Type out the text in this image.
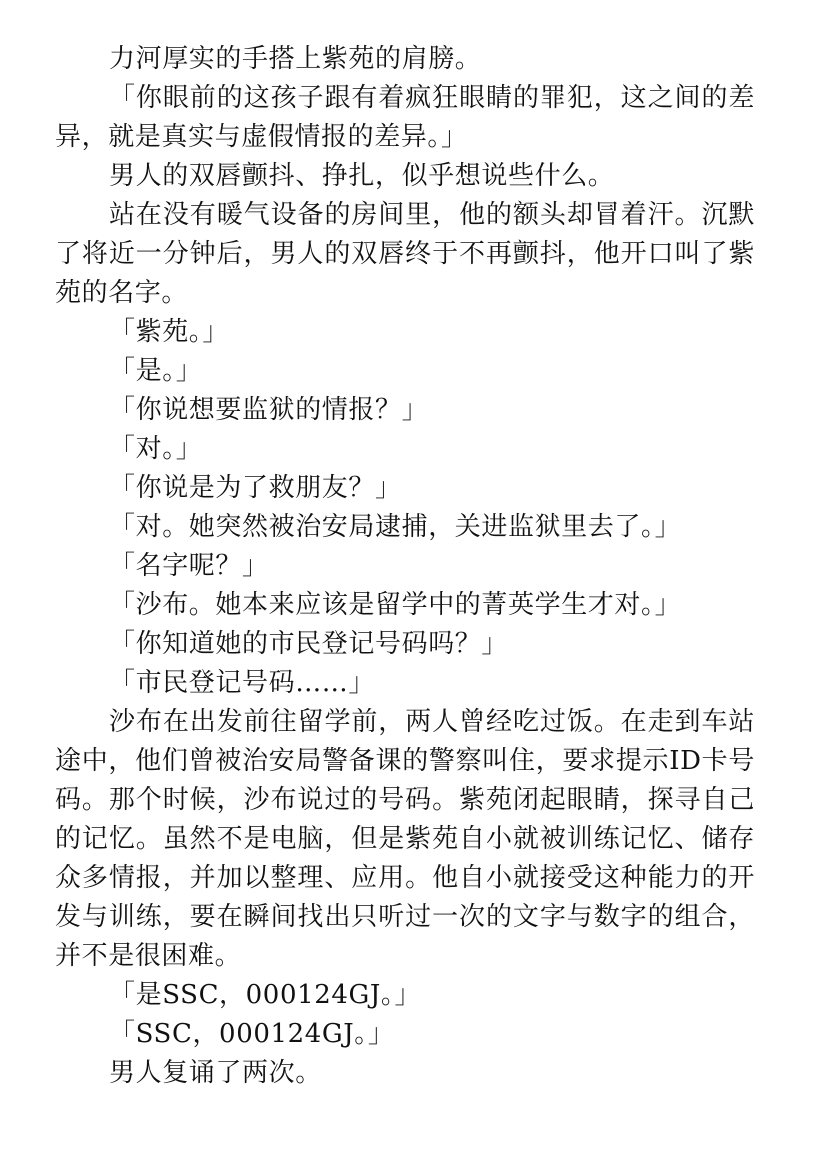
力河厚实的手搭上紫苑的肩膀。

「你眼前的这孩子跟有着疯狂眼睛的罪犯，这之间的差异，就是真实与虚假情报的差异。」

男人的双唇颤抖、挣扎，似乎想说些什么。

站在没有暖气设备的房间里，他的额头却冒着汗。沉默了将近一分钟后，男人的双唇终于不再颤抖，他开口叫了紫苑的名字。

「紫苑。」

「是。」

「你说想要监狱的情报？」

「对。」

「你说是为了救朋友？」

「对。她突然被治安局逮捕，关进监狱里去了。」

「名字呢？」

「沙布。她本来应该是留学中的菁英学生才对。」

「你知道她的市民登记号码吗？」

「市民登记号码……」

沙布在出发前往留学前，两人曾经吃过饭。在走到车站途中，他们曾被治安局警备课的警察叫住，要求提示ID卡号码。那个时候，沙布说过的号码。紫苑闭起眼睛，探寻自己的记忆。虽然不是电脑，但是紫苑自小就被训练记忆、储存众多情报，并加以整理、应用。他自小就接受这种能力的开发与训练，要在瞬间找出只听过一次的文字与数字的组合，并不是很困难。

「是SSC，000124GJ。」

「SSC，000124GJ。」

男人复诵了两次。
